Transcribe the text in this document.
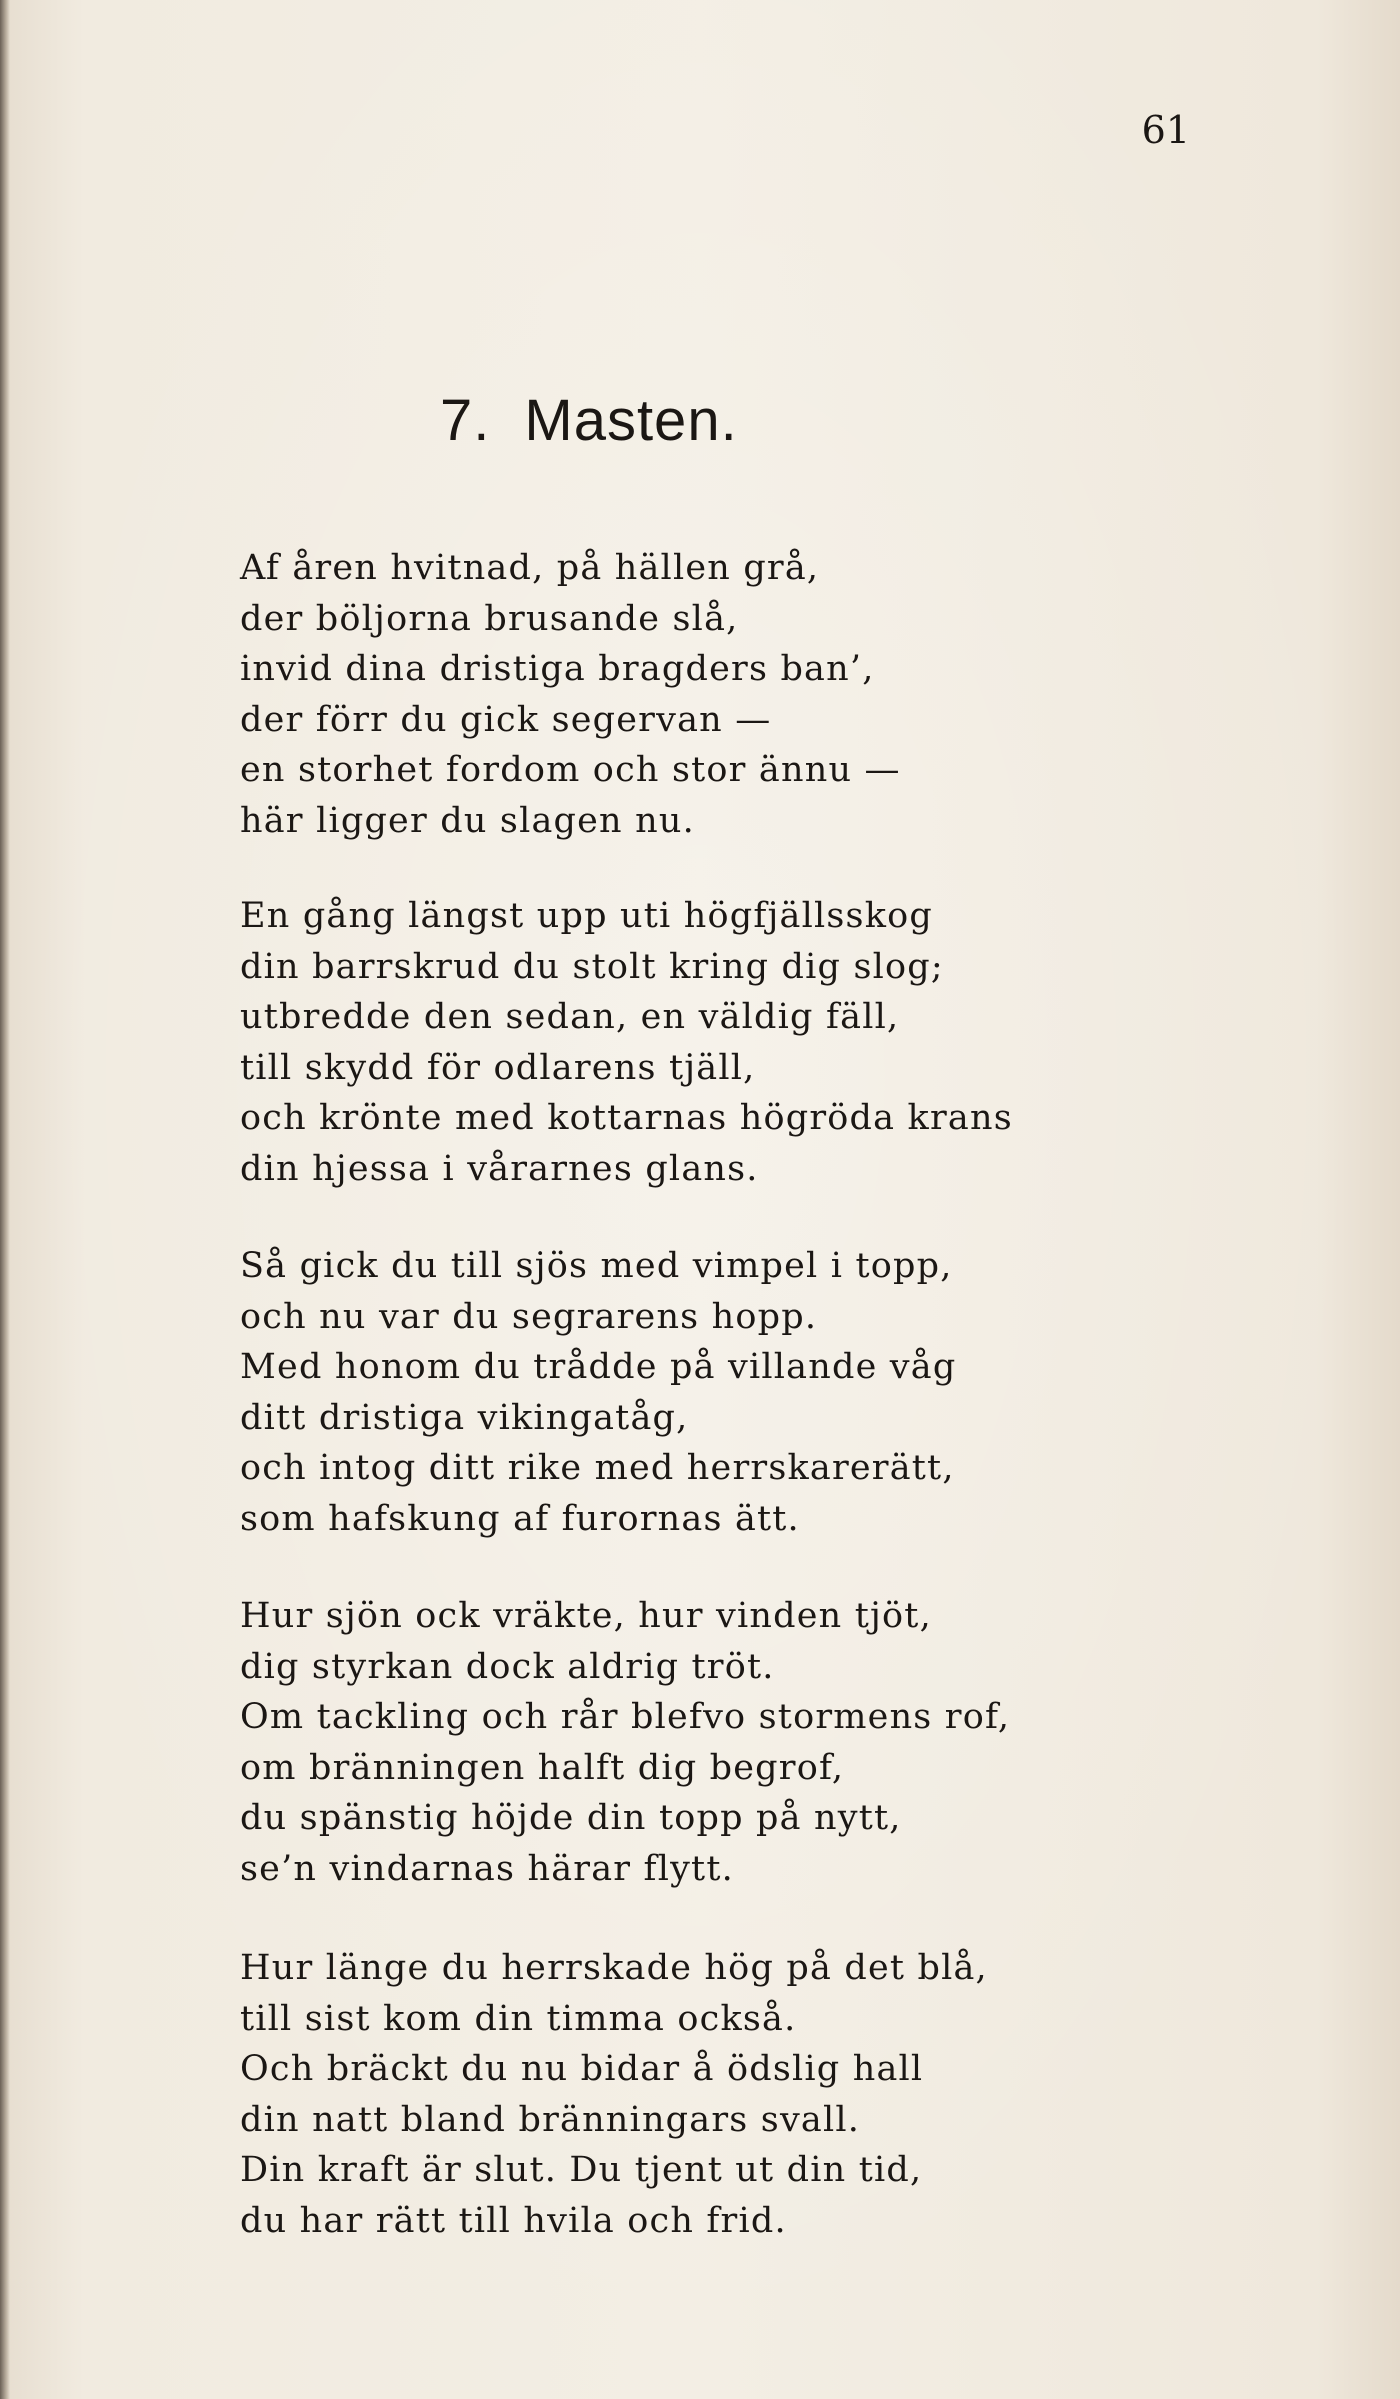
61
7. Masten.
Af åren hvitnad, på hällen grå,
der böljorna brusande slå,
invid dina dristiga bragders ban’,
der förr du gick segervan —
en storhet fordom och stor ännu —
här ligger du slagen nu.
En gång längst upp uti högfjällsskog
din barrskrud du stolt kring dig slog;
utbredde den sedan, en väldig fäll,
till skydd för odlarens tjäll,
och krönte med kottarnas högröda krans
din hjessa i vårarnes glans.
Så gick du till sjös med vimpel i topp,
och nu var du segrarens hopp.
Med honom du trådde på villande våg
ditt dristiga vikingatåg,
och intog ditt rike med herrskarerätt,
som hafskung af furornas ätt.
Hur sjön ock vräkte, hur vinden tjöt,
dig styrkan dock aldrig tröt.
Om tackling och rår blefvo stormens rof,
om bränningen halft dig begrof,
du spänstig höjde din topp på nytt,
se’n vindarnas härar flytt.
Hur länge du herrskade hög på det blå,
till sist kom din timma också.
Och bräckt du nu bidar å ödslig hall
din natt bland bränningars svall.
Din kraft är slut. Du tjent ut din tid,
du har rätt till hvila och frid.
